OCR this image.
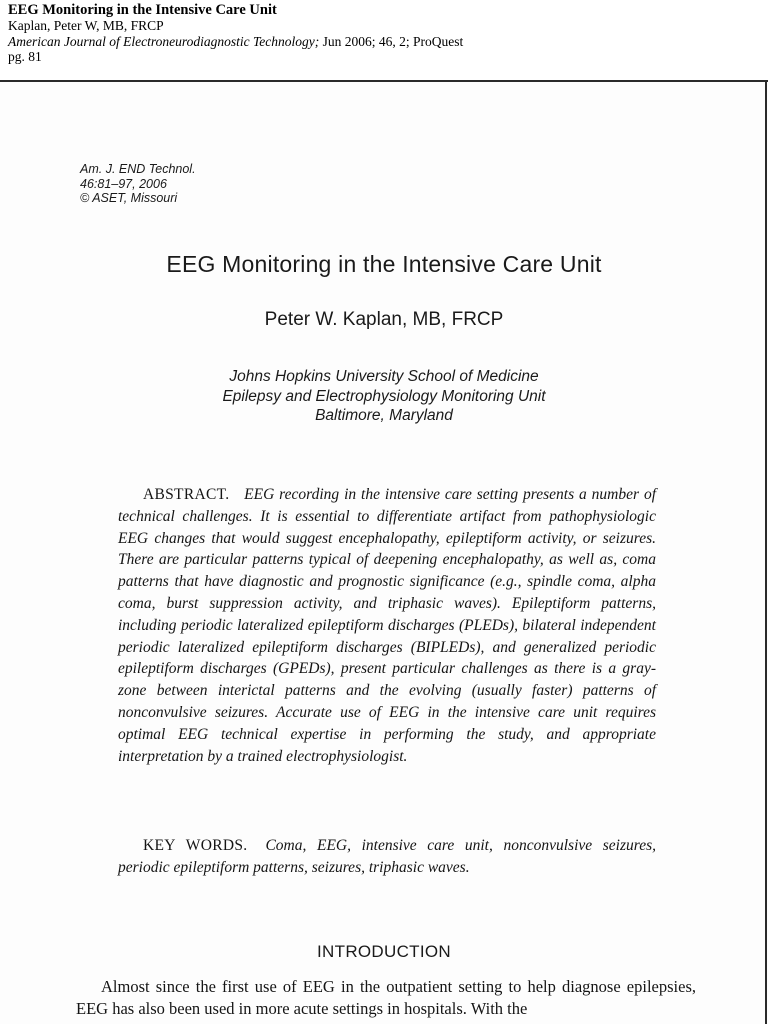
EEG Monitoring in the Intensive Care Unit
Kaplan, Peter W, MB, FRCP
American Journal of Electroneurodiagnostic Technology; Jun 2006; 46, 2; ProQuest
pg. 81
Am. J. END Technol.
46:81–97, 2006
© ASET, Missouri
EEG Monitoring in the Intensive Care Unit
Peter W. Kaplan, MB, FRCP
Johns Hopkins University School of Medicine
Epilepsy and Electrophysiology Monitoring Unit
Baltimore, Maryland
ABSTRACT. EEG recording in the intensive care setting presents a number of technical challenges. It is essential to differentiate artifact from pathophysiologic EEG changes that would suggest encephalopathy, epileptiform activity, or seizures. There are particular patterns typical of deepening encephalopathy, as well as, coma patterns that have diagnostic and prognostic significance (e.g., spindle coma, alpha coma, burst suppression activity, and triphasic waves). Epileptiform patterns, including periodic lateralized epileptiform discharges (PLEDs), bilateral independent periodic lateralized epileptiform discharges (BIPLEDs), and generalized periodic epileptiform discharges (GPEDs), present particular challenges as there is a gray-zone between interictal patterns and the evolving (usually faster) patterns of nonconvulsive seizures. Accurate use of EEG in the intensive care unit requires optimal EEG technical expertise in performing the study, and appropriate interpretation by a trained electrophysiologist.
KEY WORDS. Coma, EEG, intensive care unit, nonconvulsive seizures, periodic epileptiform patterns, seizures, triphasic waves.
INTRODUCTION
Almost since the first use of EEG in the outpatient setting to help diagnose epilepsies, EEG has also been used in more acute settings in hospitals. With the
